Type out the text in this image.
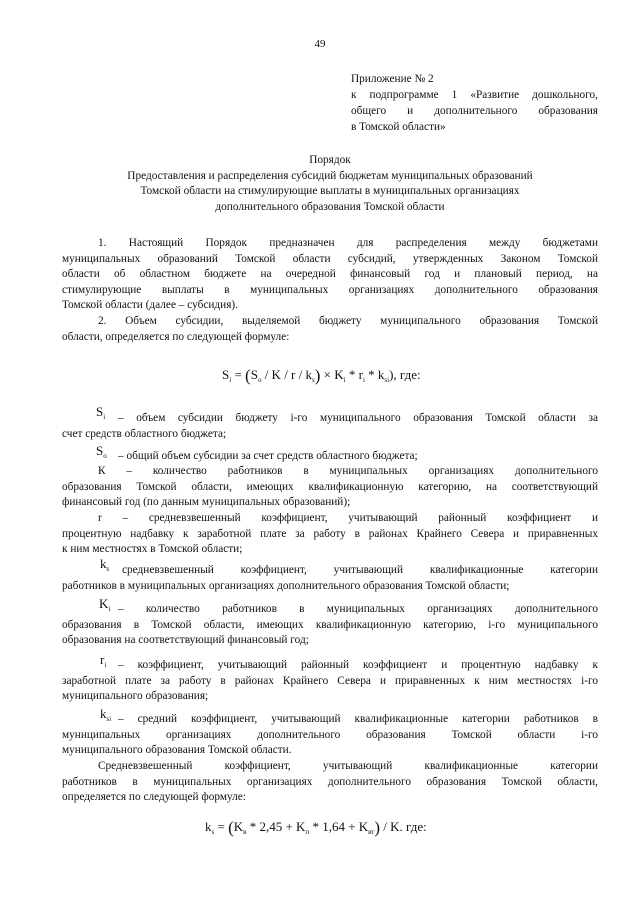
49
Приложение № 2
к подпрограмме 1 «Развитие дошкольного,
общего и дополнительного образования
в Томской области»
Порядок
Предоставления и распределения субсидий бюджетам муниципальных образований
Томской области на стимулирующие выплаты в муниципальных организациях
дополнительного образования Томской области
1. Настоящий Порядок предназначен для распределения между бюджетами
муниципальных образований Томской области субсидий, утвержденных Законом Томской
области об областном бюджете на очередной финансовый год и плановый период, на
стимулирующие выплаты в муниципальных организациях дополнительного образования
Томской области (далее – субсидия).
2. Объем субсидии, выделяемой бюджету муниципального образования Томской
области, определяется по следующей формуле:
$S_i = (S_o / K / r / k_s) \times K_i * r_i * k_{si}$), где:
$S_i$	– объем субсидии бюджету i-го муниципального образования Томской области за
счет средств областного бюджета;
$S_o$ – общий объем субсидии за счет средств областного бюджета;
К – количество работников в муниципальных организациях дополнительного
образования Томской области, имеющих квалификационную категорию, на соответствующий
финансовый год (по данным муниципальных образований);
r – средневзвешенный коэффициент, учитывающий районный коэффициент и
процентную надбавку к заработной плате за работу в районах Крайнего Севера и приравненных
к ним местностях в Томской области;
$k_s$	средневзвешенный коэффициент, учитывающий квалификационные категории
работников в муниципальных организациях дополнительного образования Томской области;
$K_i$ – количество работников в муниципальных организациях дополнительного
образования в Томской области, имеющих квалификационную категорию, i-го муниципального
образования на соответствующий финансовый год;
$r_i$	– коэффициент, учитывающий районный коэффициент и процентную надбавку к
заработной плате за работу в районах Крайнего Севера и приравненных к ним местностях i-го
муниципального образования;
$k_{si}$ – средний коэффициент, учитывающий квалификационные категории работников в
муниципальных организациях дополнительного образования Томской области i-го
муниципального образования Томской области.
Средневзвешенный коэффициент, учитывающий квалификационные категории
работников в муниципальных организациях дополнительного образования Томской области,
определяется по следующей формуле:
$k_s = (K_в * 2,45 + K_п * 1,64 + K_{вт}) / K$. где:
